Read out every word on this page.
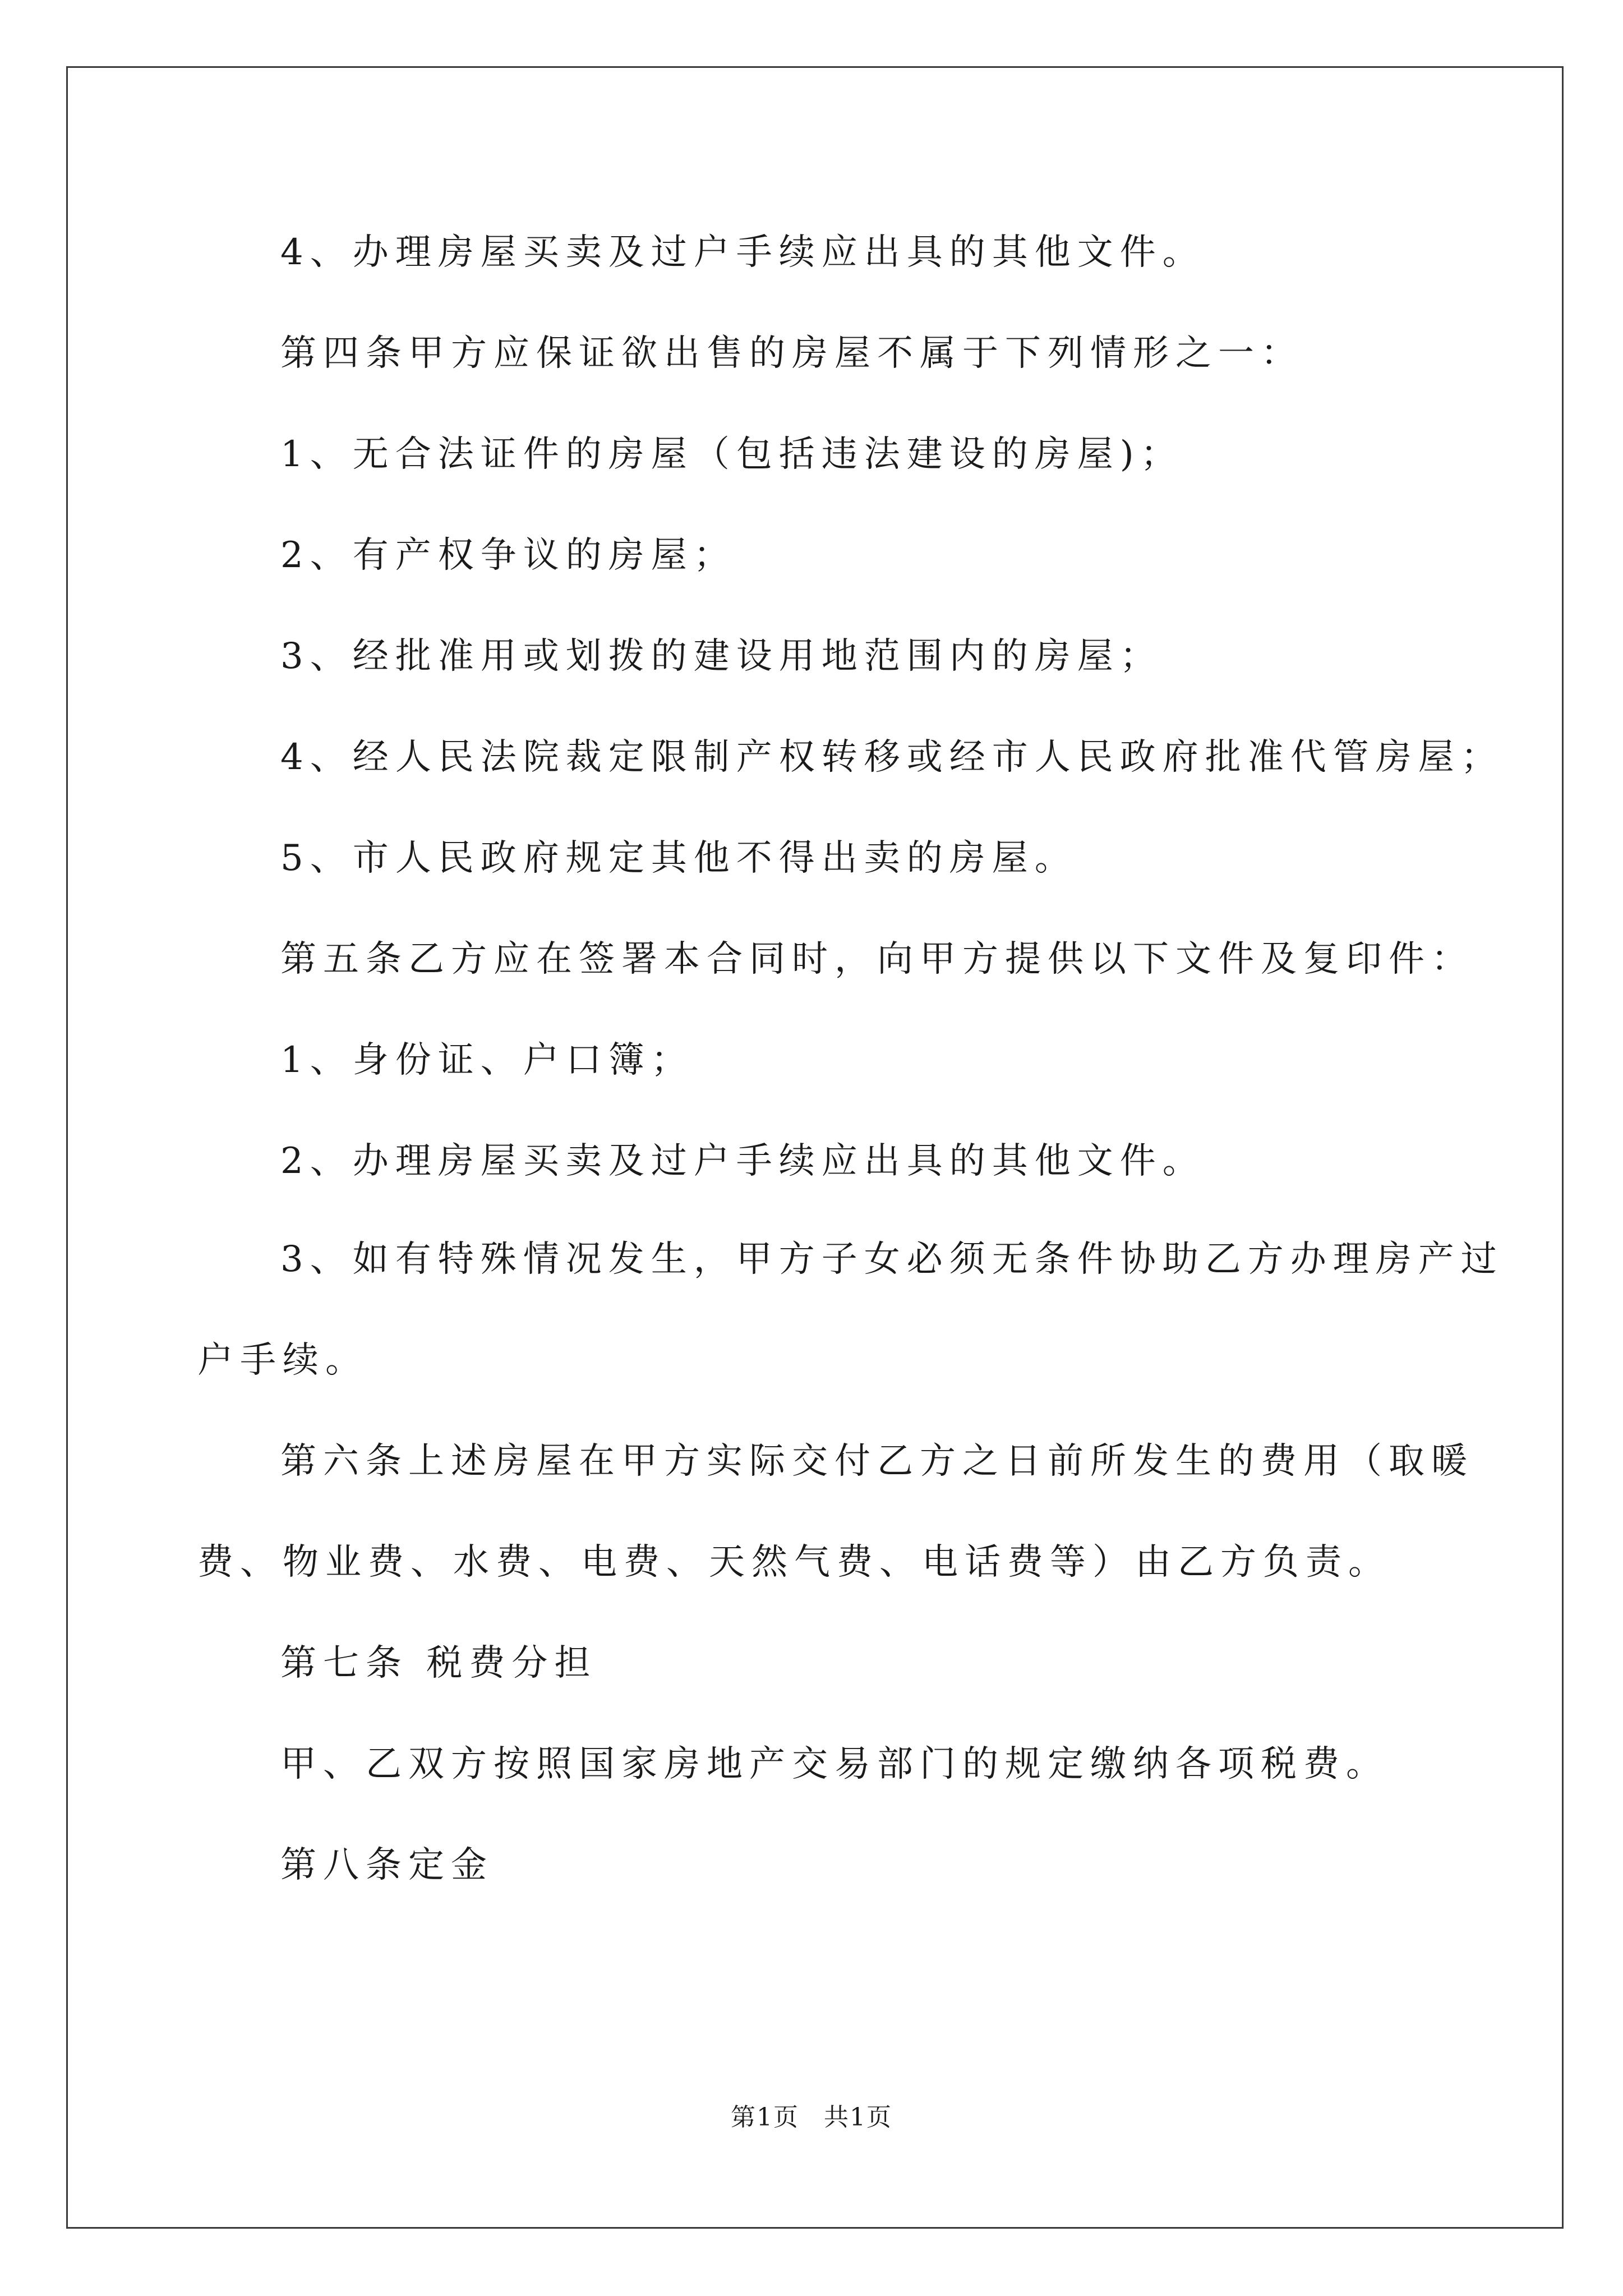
4、办理房屋买卖及过户手续应出具的其他文件。
第四条甲方应保证欲出售的房屋不属于下列情形之一：
1、无合法证件的房屋（包括违法建设的房屋)；
2、有产权争议的房屋；
3、经批准用或划拨的建设用地范围内的房屋；
4、经人民法院裁定限制产权转移或经市人民政府批准代管房屋；
5、市人民政府规定其他不得出卖的房屋。
第五条乙方应在签署本合同时，向甲方提供以下文件及复印件：
1、身份证、户口簿；
2、办理房屋买卖及过户手续应出具的其他文件。
3、如有特殊情况发生，甲方子女必须无条件协助乙方办理房产过
户手续。
第六条上述房屋在甲方实际交付乙方之日前所发生的费用（取暖
费、物业费、水费、电费、天然气费、电话费等）由乙方负责。
第七条 税费分担
甲、乙双方按照国家房地产交易部门的规定缴纳各项税费。
第八条定金
第1页 共1页
